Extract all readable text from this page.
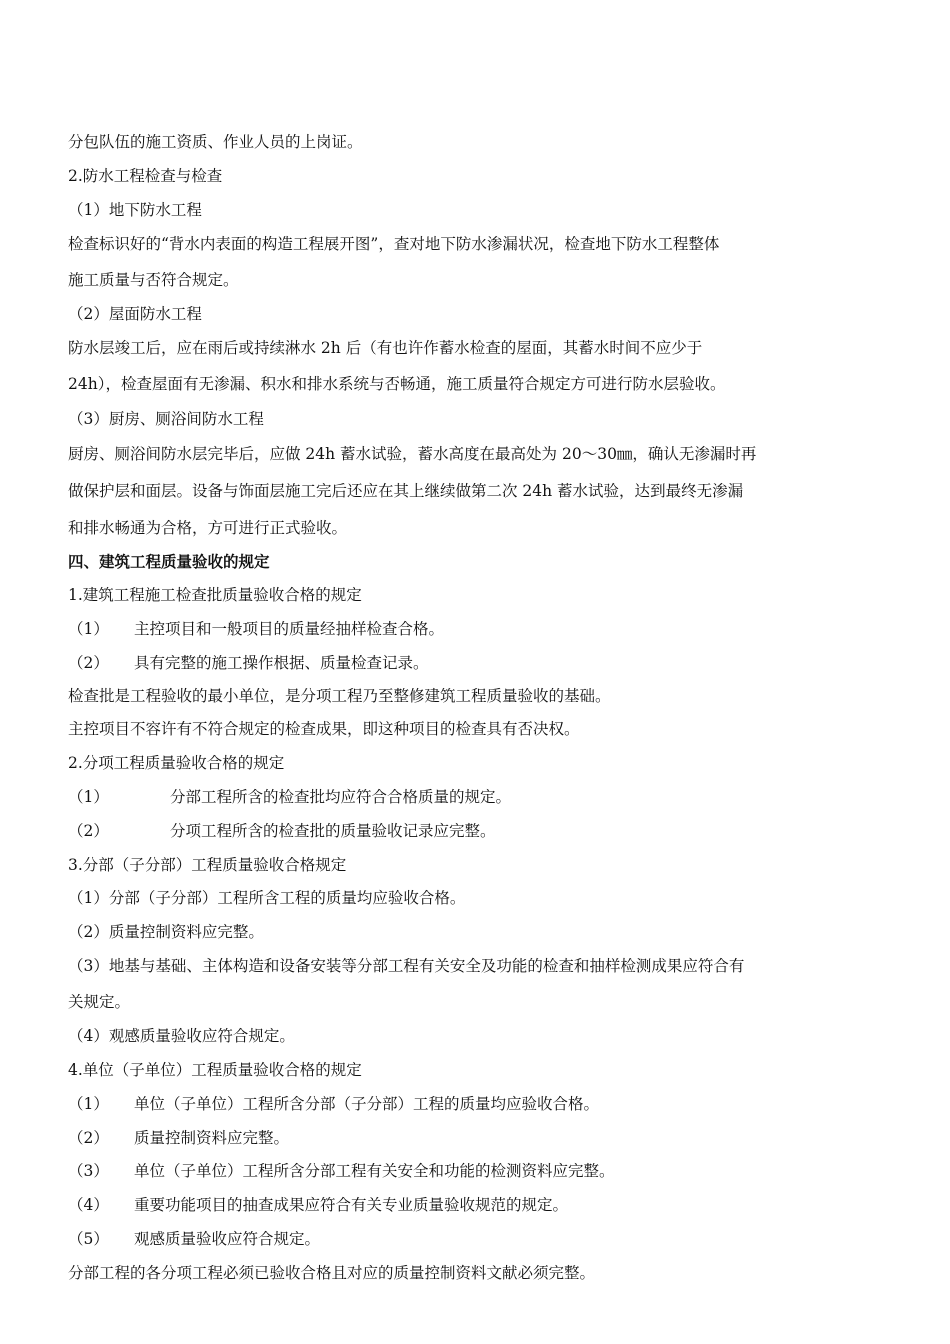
分包队伍的施工资质、作业人员的上岗证。

2.防水工程检查与检查

（1）地下防水工程

检查标识好的“背水内表面的构造工程展开图”，查对地下防水渗漏状况，检查地下防水工程整体

施工质量与否符合规定。

（2）屋面防水工程

防水层竣工后，应在雨后或持续淋水 2h 后（有也许作蓄水检查的屋面，其蓄水时间不应少于

24h），检查屋面有无渗漏、积水和排水系统与否畅通，施工质量符合规定方可进行防水层验收。

（3）厨房、厕浴间防水工程

厨房、厕浴间防水层完毕后，应做 24h 蓄水试验，蓄水高度在最高处为 20～30㎜，确认无渗漏时再

做保护层和面层。设备与饰面层施工完后还应在其上继续做第二次 24h 蓄水试验，达到最终无渗漏

和排水畅通为合格，方可进行正式验收。

四、建筑工程质量验收的规定

1.建筑工程施工检查批质量验收合格的规定

（1） 主控项目和一般项目的质量经抽样检查合格。

（2） 具有完整的施工操作根据、质量检查记录。

检查批是工程验收的最小单位，是分项工程乃至整修建筑工程质量验收的基础。

主控项目不容许有不符合规定的检查成果，即这种项目的检查具有否决权。

2.分项工程质量验收合格的规定

（1）	分部工程所含的检查批均应符合合格质量的规定。

（2）	分项工程所含的检查批的质量验收记录应完整。

3.分部（子分部）工程质量验收合格规定

（1）分部（子分部）工程所含工程的质量均应验收合格。

（2）质量控制资料应完整。

（3）地基与基础、主体构造和设备安装等分部工程有关安全及功能的检查和抽样检测成果应符合有

关规定。

（4）观感质量验收应符合规定。

4.单位（子单位）工程质量验收合格的规定

（1） 单位（子单位）工程所含分部（子分部）工程的质量均应验收合格。

（2） 质量控制资料应完整。

（3） 单位（子单位）工程所含分部工程有关安全和功能的检测资料应完整。

（4） 重要功能项目的抽查成果应符合有关专业质量验收规范的规定。

（5） 观感质量验收应符合规定。

分部工程的各分项工程必须已验收合格且对应的质量控制资料文献必须完整。
